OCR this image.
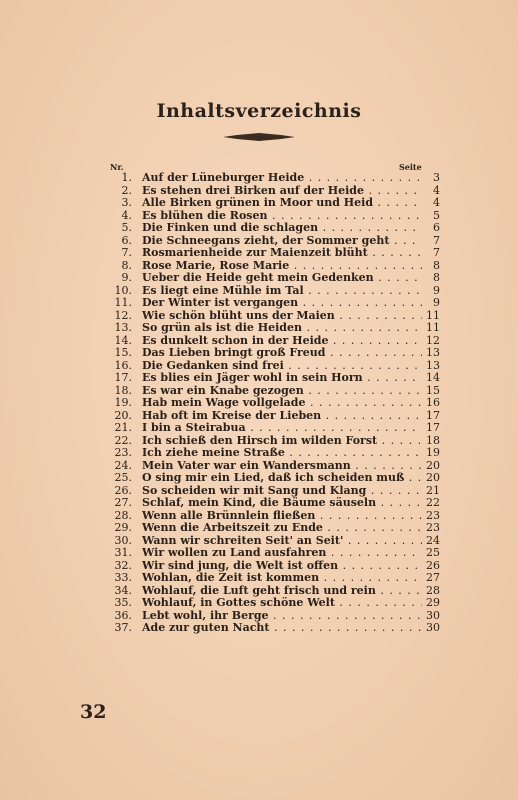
Inhaltsverzeichnis
Nr.	Seite
1. Auf der Lüneburger Heide . . .	3
2. Es stehen drei Birken auf der Heide . . .	4
3. Alle Birken grünen in Moor und Heid . . .	4
4. Es blühen die Rosen . . .	5
5. Die Finken und die schlagen . . .	6
6. Die Schneegans zieht, der Sommer geht . . .	7
7. Rosmarienheide zur Maienzeit blüht . . .	7
8. Rose Marie, Rose Marie . . .	8
9. Ueber die Heide geht mein Gedenken . . .	8
10. Es liegt eine Mühle im Tal . . .	9
11. Der Winter ist vergangen . . .	9
12. Wie schön blüht uns der Maien . . .	11
13. So grün als ist die Heiden . . .	11
14. Es dunkelt schon in der Heide . . .	12
15. Das Lieben bringt groß Freud . . .	13
16. Die Gedanken sind frei . . .	13
17. Es blies ein Jäger wohl in sein Horn . . .	14
18. Es war ein Knabe gezogen . . .	15
19. Hab mein Wage vollgelade . . .	16
20. Hab oft im Kreise der Lieben . . .	17
21. I bin a Steirabua . . .	17
22. Ich schieß den Hirsch im wilden Forst . . .	18
23. Ich ziehe meine Straße . . .	19
24. Mein Vater war ein Wandersmann . . .	20
25. O sing mir ein Lied, daß ich scheiden muß . . .	20
26. So scheiden wir mit Sang und Klang . . .	21
27. Schlaf, mein Kind, die Bäume säuseln . . .	22
28. Wenn alle Brünnlein fließen . . .	23
29. Wenn die Arbeitszeit zu Ende . . .	23
30. Wann wir schreiten Seit' an Seit' . . .	24
31. Wir wollen zu Land ausfahren . . .	25
32. Wir sind jung, die Welt ist offen . . .	26
33. Wohlan, die Zeit ist kommen . . .	27
34. Wohlauf, die Luft geht frisch und rein . . .	28
35. Wohlauf, in Gottes schöne Welt . . .	29
36. Lebt wohl, ihr Berge . . .	30
37. Ade zur guten Nacht . . .	30
32
